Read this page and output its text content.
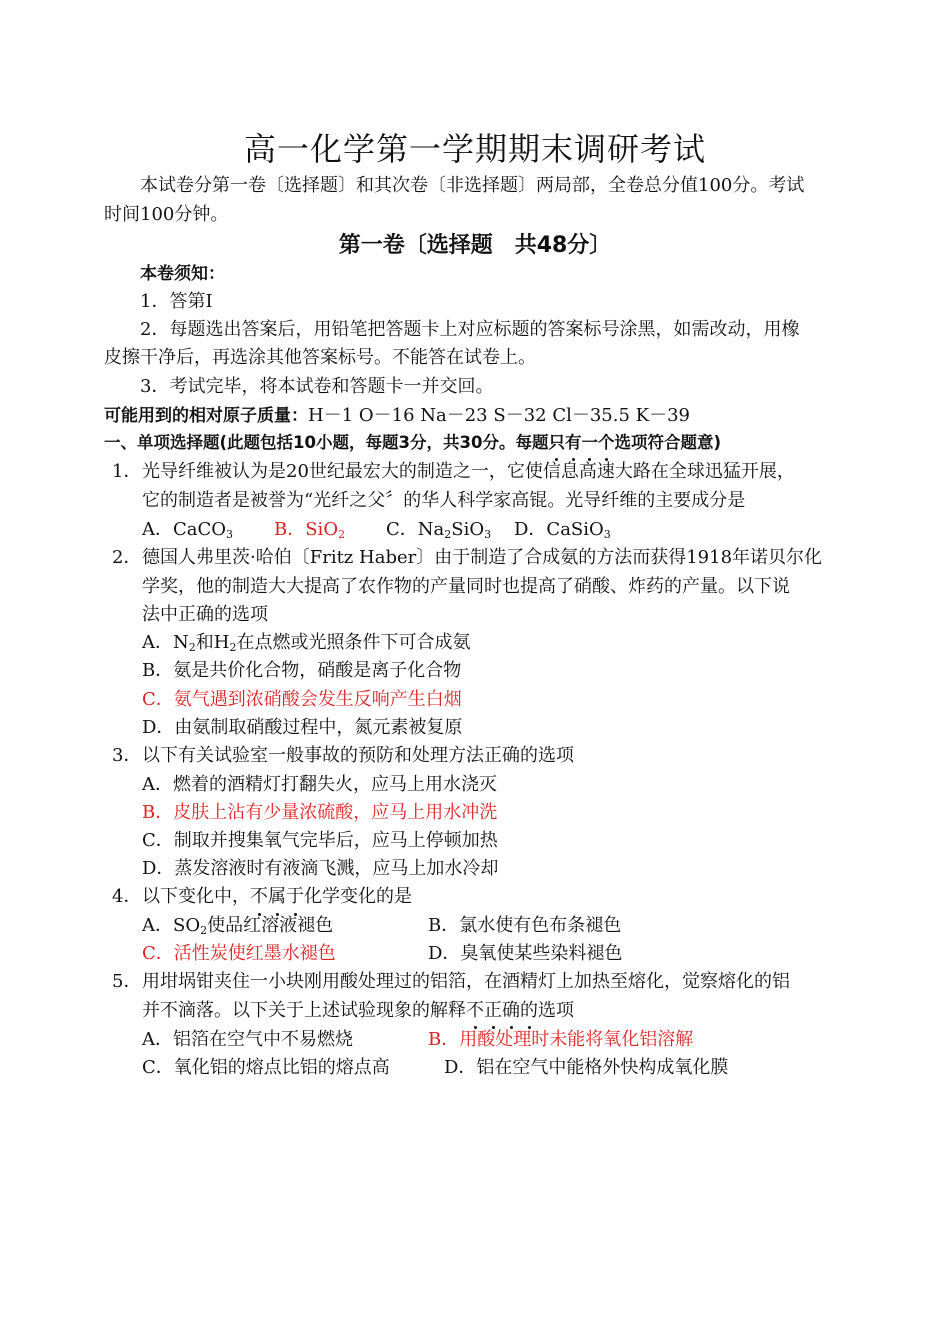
高一化学第一学期期末调研考试
本试卷分第一卷〔选择题〕和其次卷〔非选择题〕两局部，全卷总分值100分。考试
时间100分钟。
第一卷〔选择题　共48分〕
本卷须知：
1．答第Ⅰ
2．每题选出答案后，用铅笔把答题卡上对应标题的答案标号涂黑，如需改动，用橡
皮擦干净后，再选涂其他答案标号。不能答在试卷上。
3．考试完毕，将本试卷和答题卡一并交回。
可能用到的相对原子质量：H－1 O－16 Na－23 S－32 Cl－35.5 K－39
一、单项选择题(此题包括10小题，每题3分，共30分。每题只有一个选项符合题意)
1． 光导纤维被认为是20世纪最宏大的制造之一，它使信息高速大路在全球迅猛开展，
它的制造者是被誉为“光纤之父〞的华人科学家高锟。光导纤维的主要成分是
A．CaCO$_3$ B．SiO$_2$ C．$Na_2SiO_3$ D．CaSiO$_3$
2． 德国人弗里茨·哈伯〔Fritz Haber〕由于制造了合成氨的方法而获得1918年诺贝尔化
学奖，他的制造大大提高了农作物的产量同时也提高了硝酸、炸药的产量。以下说
法中正确的选项
A．$N_2$和$H_2$在点燃或光照条件下可合成氨
B．氨是共价化合物，硝酸是离子化合物
C．氨气遇到浓硝酸会发生反响产生白烟
D．由氨制取硝酸过程中，氮元素被复原
3． 以下有关试验室一般事故的预防和处理方法正确的选项
A．燃着的酒精灯打翻失火，应马上用水浇灭
B．皮肤上沾有少量浓硫酸，应马上用水冲洗
C．制取并搜集氧气完毕后，应马上停顿加热
D．蒸发溶液时有液滴飞溅，应马上加水冷却
4． 以下变化中，不属于化学变化的是
A．$SO_2$使品红溶液褪色	B．氯水使有色布条褪色
C．活性炭使红墨水褪色	D．臭氧使某些染料褪色
5． 用坩埚钳夹住一小块刚用酸处理过的铝箔，在酒精灯上加热至熔化，觉察熔化的铝
并不滴落。以下关于上述试验现象的解释不正确的选项
A．铝箔在空气中不易燃烧	B．用酸处理时未能将氧化铝溶解
C．氧化铝的熔点比铝的熔点高	D．铝在空气中能格外快构成氧化膜
